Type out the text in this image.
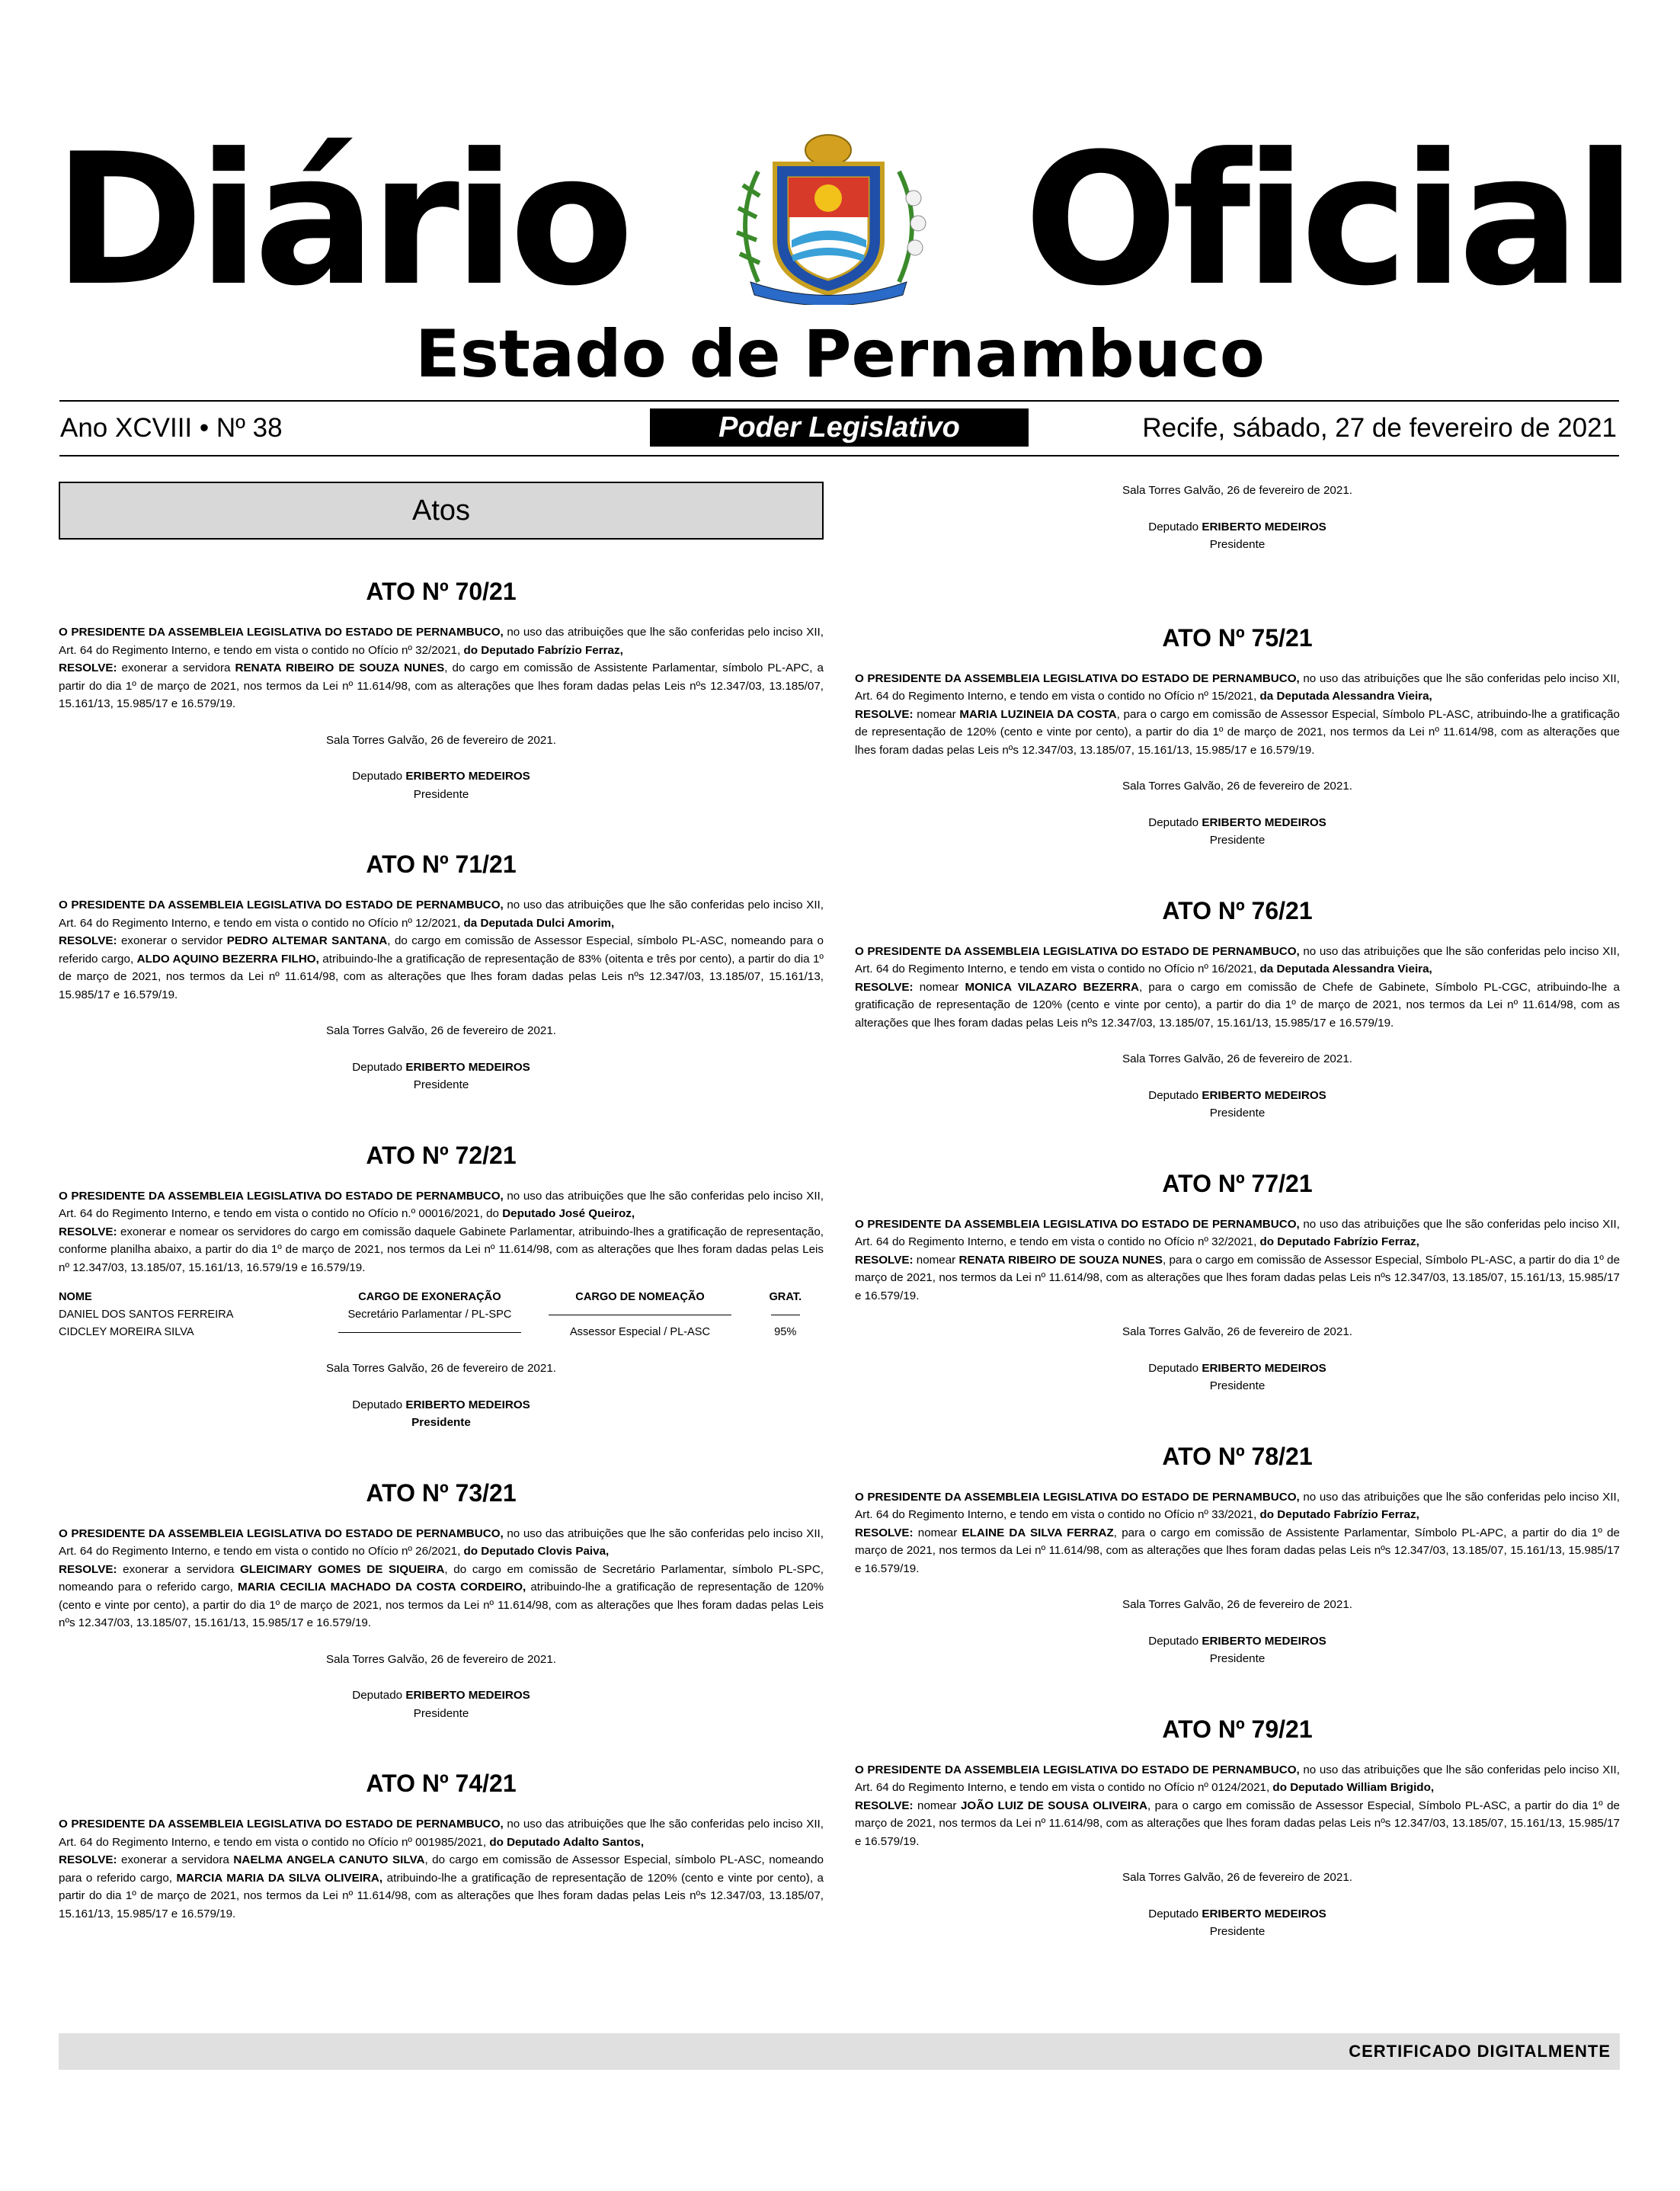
Diário Oficial
Estado de Pernambuco
Ano XCVIII • Nº 38	Poder Legislativo	Recife, sábado, 27 de fevereiro de 2021
Atos
ATO Nº 70/21

O PRESIDENTE DA ASSEMBLEIA LEGISLATIVA DO ESTADO DE PERNAMBUCO, no uso das atribuições que lhe são conferidas pelo inciso XII, Art. 64 do Regimento Interno, e tendo em vista o contido no Ofício nº 32/2021, do Deputado Fabrízio Ferraz,
RESOLVE: exonerar a servidora RENATA RIBEIRO DE SOUZA NUNES, do cargo em comissão de Assistente Parlamentar, símbolo PL-APC, a partir do dia 1º de março de 2021, nos termos da Lei nº 11.614/98, com as alterações que lhes foram dadas pelas Leis nºs 12.347/03, 13.185/07, 15.161/13, 15.985/17 e 16.579/19.

Sala Torres Galvão, 26 de fevereiro de 2021.

Deputado ERIBERTO MEDEIROS

Presidente

ATO Nº 71/21

O PRESIDENTE DA ASSEMBLEIA LEGISLATIVA DO ESTADO DE PERNAMBUCO, no uso das atribuições que lhe são conferidas pelo inciso XII, Art. 64 do Regimento Interno, e tendo em vista o contido no Ofício nº 12/2021, da Deputada Dulci Amorim,
RESOLVE: exonerar o servidor PEDRO ALTEMAR SANTANA, do cargo em comissão de Assessor Especial, símbolo PL-ASC, nomeando para o referido cargo, ALDO AQUINO BEZERRA FILHO, atribuindo-lhe a gratificação de representação de 83% (oitenta e três por cento), a partir do dia 1º de março de 2021, nos termos da Lei nº 11.614/98, com as alterações que lhes foram dadas pelas Leis nºs 12.347/03, 13.185/07, 15.161/13, 15.985/17 e 16.579/19.

Sala Torres Galvão, 26 de fevereiro de 2021.

Deputado ERIBERTO MEDEIROS

Presidente

ATO Nº 72/21

O PRESIDENTE DA ASSEMBLEIA LEGISLATIVA DO ESTADO DE PERNAMBUCO, no uso das atribuições que lhe são conferidas pelo inciso XII, Art. 64 do Regimento Interno, e tendo em vista o contido no Ofício n.º 00016/2021, do Deputado José Queiroz,
RESOLVE: exonerar e nomear os servidores do cargo em comissão daquele Gabinete Parlamentar, atribuindo-lhes a gratificação de representação, conforme planilha abaixo, a partir do dia 1º de março de 2021, nos termos da Lei nº 11.614/98, com as alterações que lhes foram dadas pelas Leis nº 12.347/03, 13.185/07, 15.161/13, 16.579/19 e 16.579/19.

NOME	CARGO DE EXONERAÇÃO	CARGO DE NOMEAÇÃO	GRAT.
DANIEL DOS SANTOS FERREIRA	Secretário Parlamentar / PL-SPC		
CIDCLEY MOREIRA SILVA		Assessor Especial / PL-ASC	95%

Sala Torres Galvão, 26 de fevereiro de 2021.

Deputado ERIBERTO MEDEIROS

Presidente

ATO Nº 73/21

O PRESIDENTE DA ASSEMBLEIA LEGISLATIVA DO ESTADO DE PERNAMBUCO, no uso das atribuições que lhe são conferidas pelo inciso XII, Art. 64 do Regimento Interno, e tendo em vista o contido no Ofício nº 26/2021, do Deputado Clovis Paiva,
RESOLVE: exonerar a servidora GLEICIMARY GOMES DE SIQUEIRA, do cargo em comissão de Secretário Parlamentar, símbolo PL-SPC, nomeando para o referido cargo, MARIA CECILIA MACHADO DA COSTA CORDEIRO, atribuindo-lhe a gratificação de representação de 120% (cento e vinte por cento), a partir do dia 1º de março de 2021, nos termos da Lei nº 11.614/98, com as alterações que lhes foram dadas pelas Leis nºs 12.347/03, 13.185/07, 15.161/13, 15.985/17 e 16.579/19.

Sala Torres Galvão, 26 de fevereiro de 2021.

Deputado ERIBERTO MEDEIROS

Presidente

ATO Nº 74/21

O PRESIDENTE DA ASSEMBLEIA LEGISLATIVA DO ESTADO DE PERNAMBUCO, no uso das atribuições que lhe são conferidas pelo inciso XII, Art. 64 do Regimento Interno, e tendo em vista o contido no Ofício nº 001985/2021, do Deputado Adalto Santos,
RESOLVE: exonerar a servidora NAELMA ANGELA CANUTO SILVA, do cargo em comissão de Assessor Especial, símbolo PL-ASC, nomeando para o referido cargo, MARCIA MARIA DA SILVA OLIVEIRA, atribuindo-lhe a gratificação de representação de 120% (cento e vinte por cento), a partir do dia 1º de março de 2021, nos termos da Lei nº 11.614/98, com as alterações que lhes foram dadas pelas Leis nºs 12.347/03, 13.185/07, 15.161/13, 15.985/17 e 16.579/19.

Sala Torres Galvão, 26 de fevereiro de 2021.

Deputado ERIBERTO MEDEIROS

Presidente

ATO Nº 75/21

O PRESIDENTE DA ASSEMBLEIA LEGISLATIVA DO ESTADO DE PERNAMBUCO, no uso das atribuições que lhe são conferidas pelo inciso XII, Art. 64 do Regimento Interno, e tendo em vista o contido no Ofício nº 15/2021, da Deputada Alessandra Vieira,
RESOLVE: nomear MARIA LUZINEIA DA COSTA, para o cargo em comissão de Assessor Especial, Símbolo PL-ASC, atribuindo-lhe a gratificação de representação de 120% (cento e vinte por cento), a partir do dia 1º de março de 2021, nos termos da Lei nº 11.614/98, com as alterações que lhes foram dadas pelas Leis nºs 12.347/03, 13.185/07, 15.161/13, 15.985/17 e 16.579/19.

Sala Torres Galvão, 26 de fevereiro de 2021.

Deputado ERIBERTO MEDEIROS

Presidente

ATO Nº 76/21

O PRESIDENTE DA ASSEMBLEIA LEGISLATIVA DO ESTADO DE PERNAMBUCO, no uso das atribuições que lhe são conferidas pelo inciso XII, Art. 64 do Regimento Interno, e tendo em vista o contido no Ofício nº 16/2021, da Deputada Alessandra Vieira,
RESOLVE: nomear MONICA VILAZARO BEZERRA, para o cargo em comissão de Chefe de Gabinete, Símbolo PL-CGC, atribuindo-lhe a gratificação de representação de 120% (cento e vinte por cento), a partir do dia 1º de março de 2021, nos termos da Lei nº 11.614/98, com as alterações que lhes foram dadas pelas Leis nºs 12.347/03, 13.185/07, 15.161/13, 15.985/17 e 16.579/19.

Sala Torres Galvão, 26 de fevereiro de 2021.

Deputado ERIBERTO MEDEIROS

Presidente

ATO Nº 77/21

O PRESIDENTE DA ASSEMBLEIA LEGISLATIVA DO ESTADO DE PERNAMBUCO, no uso das atribuições que lhe são conferidas pelo inciso XII, Art. 64 do Regimento Interno, e tendo em vista o contido no Ofício nº 32/2021, do Deputado Fabrízio Ferraz,
RESOLVE: nomear RENATA RIBEIRO DE SOUZA NUNES, para o cargo em comissão de Assessor Especial, Símbolo PL-ASC, a partir do dia 1º de março de 2021, nos termos da Lei nº 11.614/98, com as alterações que lhes foram dadas pelas Leis nºs 12.347/03, 13.185/07, 15.161/13, 15.985/17 e 16.579/19.

Sala Torres Galvão, 26 de fevereiro de 2021.

Deputado ERIBERTO MEDEIROS

Presidente

ATO Nº 78/21

O PRESIDENTE DA ASSEMBLEIA LEGISLATIVA DO ESTADO DE PERNAMBUCO, no uso das atribuições que lhe são conferidas pelo inciso XII, Art. 64 do Regimento Interno, e tendo em vista o contido no Ofício nº 33/2021, do Deputado Fabrízio Ferraz,
RESOLVE: nomear ELAINE DA SILVA FERRAZ, para o cargo em comissão de Assistente Parlamentar, Símbolo PL-APC, a partir do dia 1º de março de 2021, nos termos da Lei nº 11.614/98, com as alterações que lhes foram dadas pelas Leis nºs 12.347/03, 13.185/07, 15.161/13, 15.985/17 e 16.579/19.

Sala Torres Galvão, 26 de fevereiro de 2021.

Deputado ERIBERTO MEDEIROS

Presidente

ATO Nº 79/21

O PRESIDENTE DA ASSEMBLEIA LEGISLATIVA DO ESTADO DE PERNAMBUCO, no uso das atribuições que lhe são conferidas pelo inciso XII, Art. 64 do Regimento Interno, e tendo em vista o contido no Ofício nº 0124/2021, do Deputado William Brigido,
RESOLVE: nomear JOÃO LUIZ DE SOUSA OLIVEIRA, para o cargo em comissão de Assessor Especial, Símbolo PL-ASC, a partir do dia 1º de março de 2021, nos termos da Lei nº 11.614/98, com as alterações que lhes foram dadas pelas Leis nºs 12.347/03, 13.185/07, 15.161/13, 15.985/17 e 16.579/19.

Sala Torres Galvão, 26 de fevereiro de 2021.

Deputado ERIBERTO MEDEIROS

Presidente

CERTIFICADO DIGITALMENTE
